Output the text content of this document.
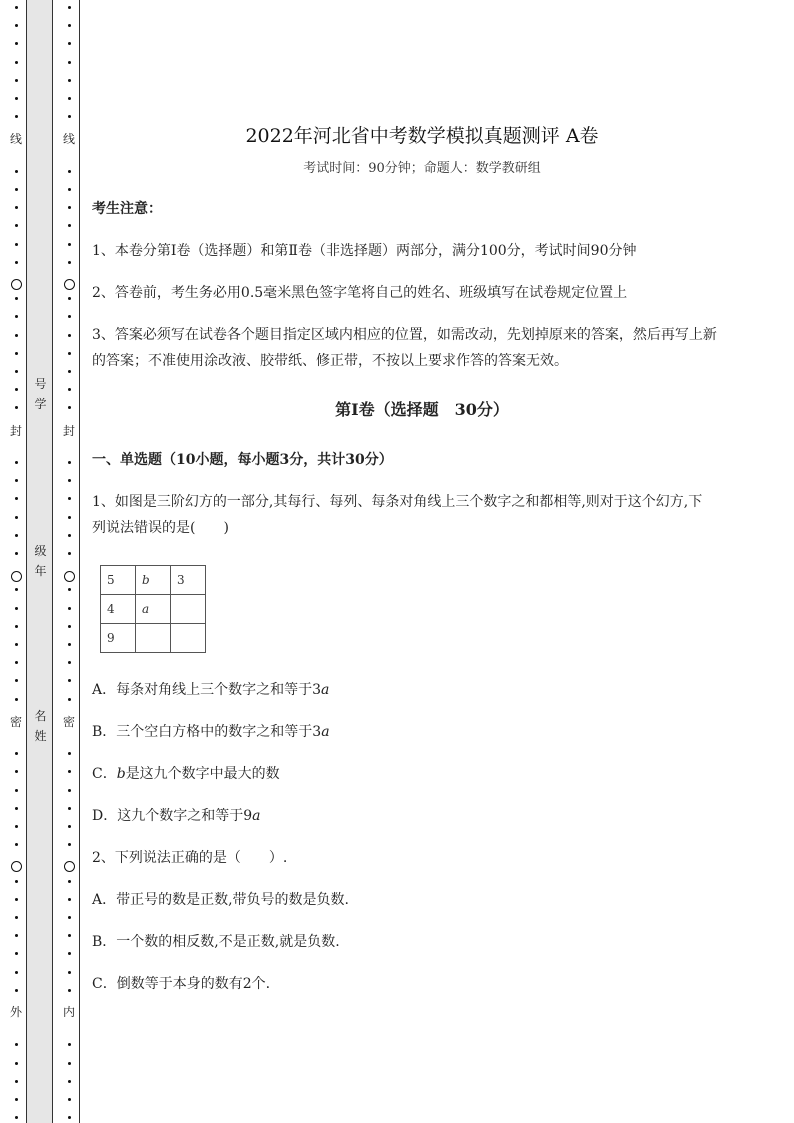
号
学
级
年
名
姓
线
封
密
外
线
封
密
内
2022年河北省中考数学模拟真题测评 A卷
考试时间：90分钟；命题人：数学教研组
考生注意：
1、本卷分第I卷（选择题）和第Ⅱ卷（非选择题）两部分，满分100分，考试时间90分钟
2、答卷前，考生务必用0.5毫米黑色签字笔将自己的姓名、班级填写在试卷规定位置上
3、答案必须写在试卷各个题目指定区域内相应的位置，如需改动，先划掉原来的答案，然后再写上新
的答案；不准使用涂改液、胶带纸、修正带，不按以上要求作答的答案无效。
第I卷（选择题　30分）
一、单选题（10小题，每小题3分，共计30分）
1、如图是三阶幻方的一部分,其每行、每列、每条对角线上三个数字之和都相等,则对于这个幻方,下
列说法错误的是(　　)
5	b	3
4	a	
9		
A．每条对角线上三个数字之和等于3a
B．三个空白方格中的数字之和等于3a
C．b是这九个数字中最大的数
D．这九个数字之和等于9a
2、下列说法正确的是（　　）.
A．带正号的数是正数,带负号的数是负数.
B．一个数的相反数,不是正数,就是负数.
C．倒数等于本身的数有2个.
